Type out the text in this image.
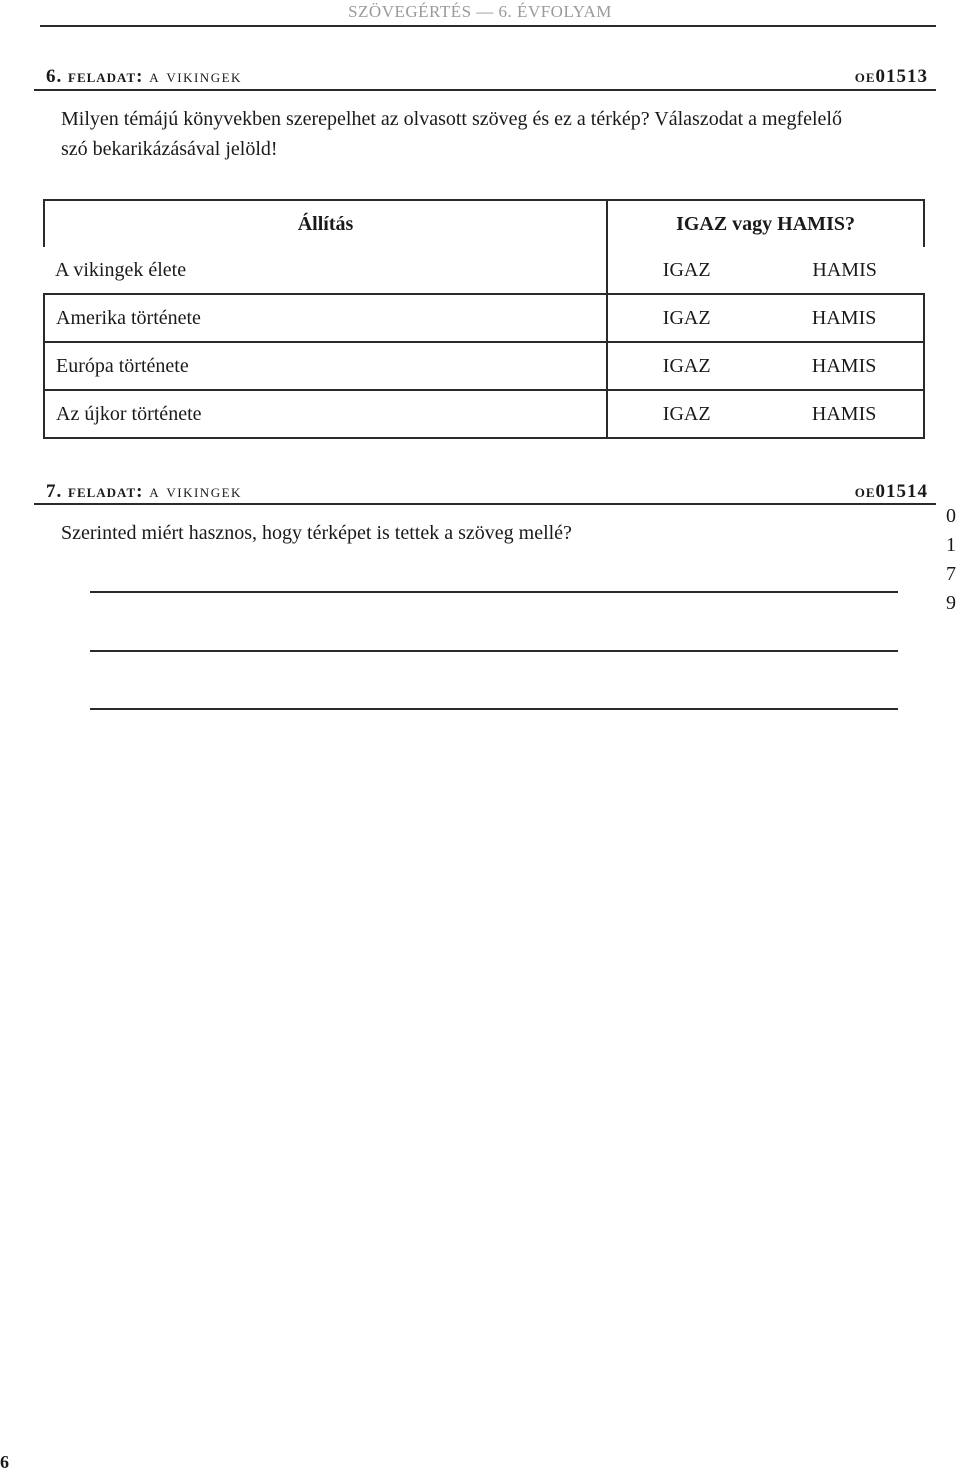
SZÖVEGÉRTÉS — 6. ÉVFOLYAM
6. feladat: a vikingek	oe01513
Milyen témájú könyvekben szerepelhet az olvasott szöveg és ez a térkép? Válaszodat a megfelelő
szó bekarikázásával jelöld!
Állítás	IGAZ vagy HAMIS?	
A vikingek élete	IGAZ	HAMIS
Amerika története	IGAZ	HAMIS
Európa története	IGAZ	HAMIS
Az újkor története	IGAZ	HAMIS
7. feladat: a vikingek	oe01514
Szerinted miért hasznos, hogy térképet is tettek a szöveg mellé?
0
1
7
9
6
